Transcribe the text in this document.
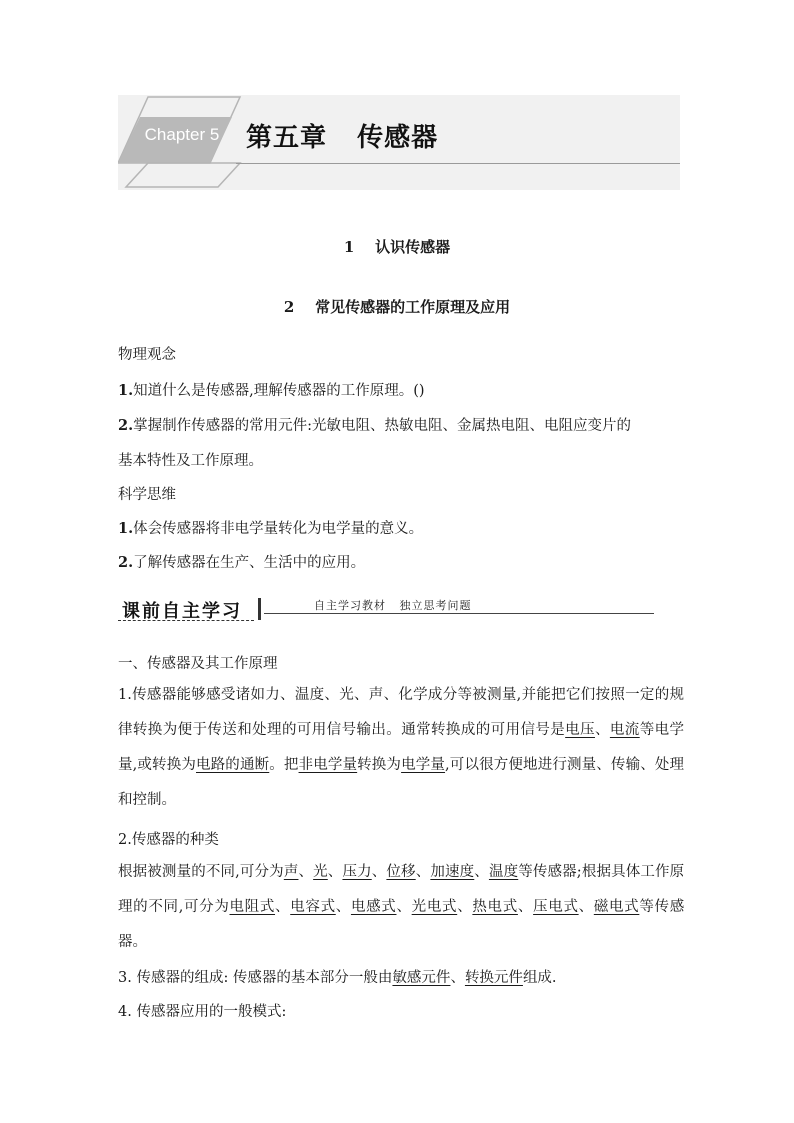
Chapter 5	第五章   传感器
1    认识传感器
2    常见传感器的工作原理及应用
物理观念
1.知道什么是传感器,理解传感器的工作原理。()
2.掌握制作传感器的常用元件:光敏电阻、热敏电阻、金属热电阻、电阻应变片的
基本特性及工作原理。
科学思维
1.体会传感器将非电学量转化为电学量的意义。
2.了解传感器在生产、生活中的应用。
课前自主学习	自主学习教材   独立思考问题
一、传感器及其工作原理
1.传感器能够感受诸如力、温度、光、声、化学成分等被测量,并能把它们按照一定的规律转换为便于传送和处理的可用信号输出。通常转换成的可用信号是电压、电流等电学量,或转换为电路的通断。把非电学量转换为电学量,可以很方便地进行测量、传输、处理和控制。
2.传感器的种类
根据被测量的不同,可分为声、光、压力、位移、加速度、温度等传感器;根据具体工作原理的不同,可分为电阻式、电容式、电感式、光电式、热电式、压电式、磁电式等传感器。
3. 传感器的组成: 传感器的基本部分一般由敏感元件、转换元件组成.
4. 传感器应用的一般模式:
